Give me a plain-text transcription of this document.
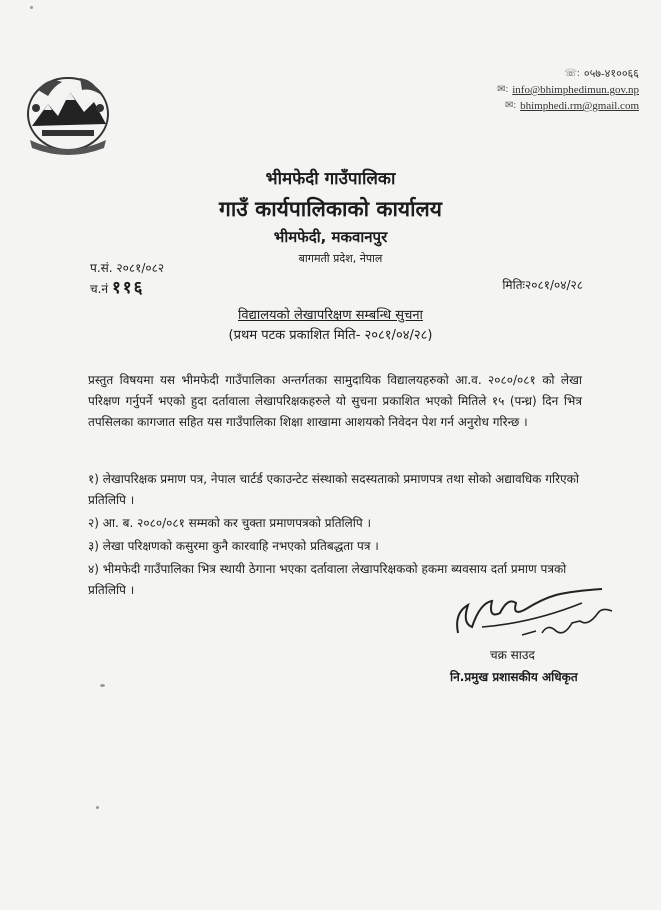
☏: ०५७-४१००६६
✉: info@bhimphedimun.gov.np
✉: bhimphedi.rm@gmail.com
भीमफेदी गाउँपालिका
गाउँ कार्यपालिकाको कार्यालय
भीमफेदी, मकवानपुर
बागमती प्रदेश, नेपाल
प.सं. २०८१/०८२
च.नं ११६	मितिः२०८१/०४/२८
विद्यालयको लेखापरिक्षण सम्बन्धि सुचना
(प्रथम पटक प्रकाशित मिति- २०८१/०४/२८)
प्रस्तुत विषयमा यस भीमफेदी गाउँपालिका अन्तर्गतका सामुदायिक विद्यालयहरुको आ.व. २०८०/०८१ को लेखा परिक्षण गर्नुपर्ने भएको हुदा दर्तावाला लेखापरिक्षकहरुले यो सुचना प्रकाशित भएको मितिले १५ (पन्ध्र) दिन भित्र तपसिलका कागजात सहित यस गाउँपालिका शिक्षा शाखामा आशयको निवेदन पेश गर्न अनुरोध गरिन्छ ।
१) लेखापरिक्षक प्रमाण पत्र, नेपाल चार्टर्ड एकाउन्टेट संस्थाको सदस्यताको प्रमाणपत्र तथा सोको अद्यावधिक गरिएको प्रतिलिपि ।
२) आ. ब. २०८०/०८१ सम्मको कर चुक्ता प्रमाणपत्रको प्रतिलिपि ।
३) लेखा परिक्षणको कसुरमा कुनै कारवाहि नभएको प्रतिबद्धता पत्र ।
४) भीमफेदी गाउँपालिका भित्र स्थायी ठेगाना भएका दर्तावाला लेखापरिक्षकको हकमा ब्यवसाय दर्ता प्रमाण पत्रको प्रतिलिपि ।
चक्र साउद
नि.प्रमुख प्रशासकीय अधिकृत
